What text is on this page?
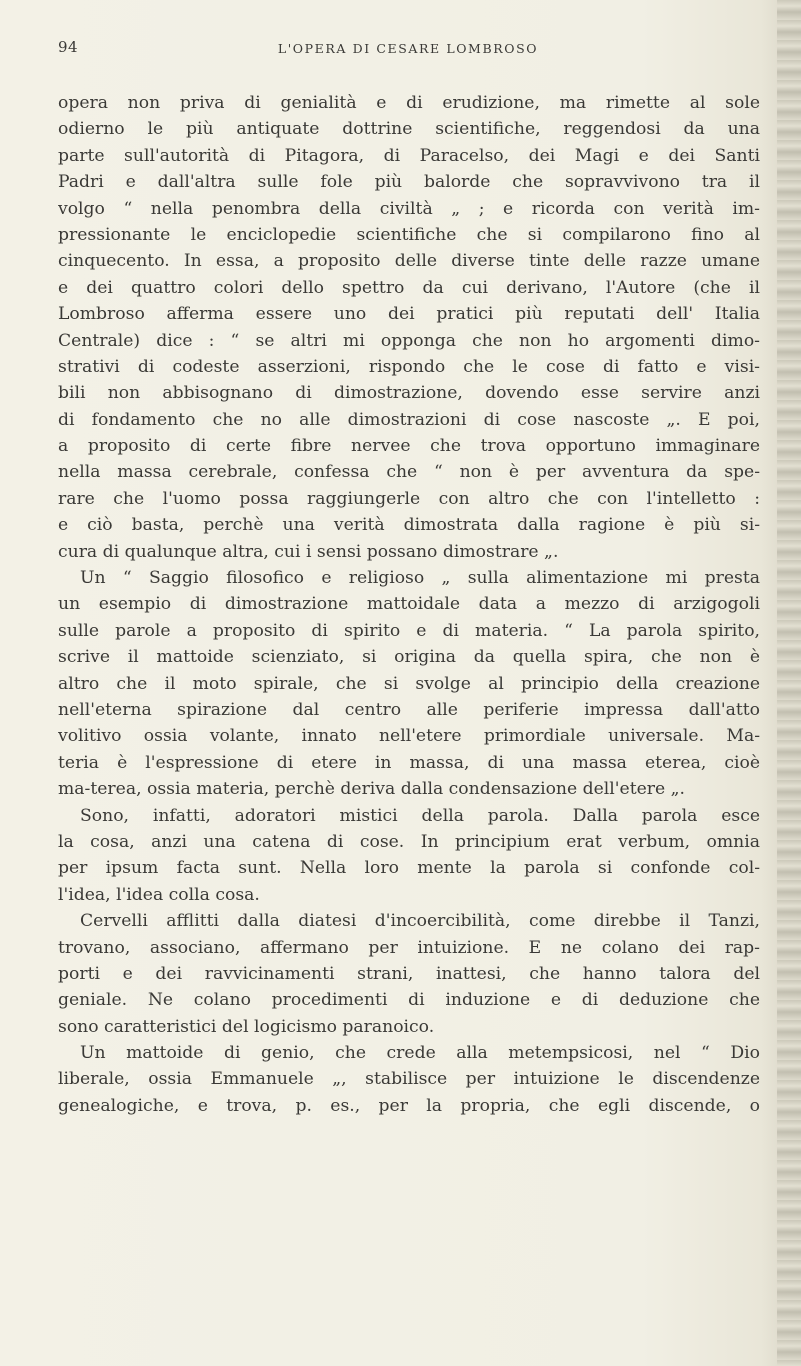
94	L'OPERA DI CESARE LOMBROSO
opera non priva di genialità e di erudizione, ma rimette al sole
odierno le più antiquate dottrine scientifiche, reggendosi da una
parte sull'autorità di Pitagora, di Paracelso, dei Magi e dei Santi
Padri e dall'altra sulle fole più balorde che sopravvivono tra il
volgo “ nella penombra della civiltà „ ; e ricorda con verità im-
pressionante le enciclopedie scientifiche che si compilarono fino al
cinquecento. In essa, a proposito delle diverse tinte delle razze umane
e dei quattro colori dello spettro da cui derivano, l'Autore (che il
Lombroso afferma essere uno dei pratici più reputati dell' Italia
Centrale) dice : “ se altri mi opponga che non ho argomenti dimo-
strativi di codeste asserzioni, rispondo che le cose di fatto e visi-
bili non abbisognano di dimostrazione, dovendo esse servire anzi
di fondamento che no alle dimostrazioni di cose nascoste „. E poi,
a proposito di certe fibre nervee che trova opportuno immaginare
nella massa cerebrale, confessa che “ non è per avventura da spe-
rare che l'uomo possa raggiungerle con altro che con l'intelletto :
e ciò basta, perchè una verità dimostrata dalla ragione è più si-
cura di qualunque altra, cui i sensi possano dimostrare „.
Un “ Saggio filosofico e religioso „ sulla alimentazione mi presta
un esempio di dimostrazione mattoidale data a mezzo di arzigogoli
sulle parole a proposito di spirito e di materia. “ La parola spirito,
scrive il mattoide scienziato, si origina da quella spira, che non è
altro che il moto spirale, che si svolge al principio della creazione
nell'eterna spirazione dal centro alle periferie impressa dall'atto
volitivo ossia volante, innato nell'etere primordiale universale. Ma-
teria è l'espressione di etere in massa, di una massa eterea, cioè
ma-terea, ossia materia, perchè deriva dalla condensazione dell'etere „.
Sono, infatti, adoratori mistici della parola. Dalla parola esce
la cosa, anzi una catena di cose. In principium erat verbum, omnia
per ipsum facta sunt. Nella loro mente la parola si confonde col-
l'idea, l'idea colla cosa.
Cervelli afflitti dalla diatesi d'incoercibilità, come direbbe il Tanzi,
trovano, associano, affermano per intuizione. E ne colano dei rap-
porti e dei ravvicinamenti strani, inattesi, che hanno talora del
geniale. Ne colano procedimenti di induzione e di deduzione che
sono caratteristici del logicismo paranoico.
Un mattoide di genio, che crede alla metempsicosi, nel “ Dio
liberale, ossia Emmanuele „, stabilisce per intuizione le discendenze
genealogiche, e trova, p. es., per la propria, che egli discende, o
